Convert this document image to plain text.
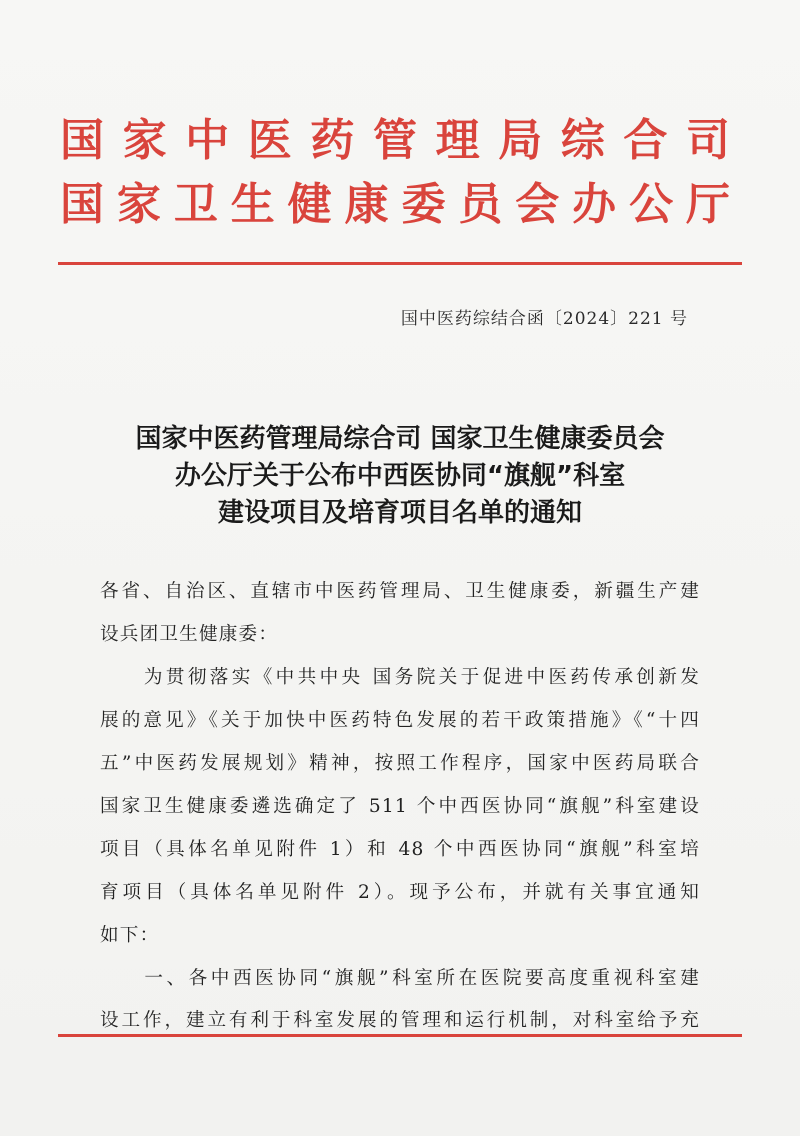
国家中医药管理局综合司
国家卫生健康委员会办公厅
国中医药综结合函〔2024〕221 号
国家中医药管理局综合司 国家卫生健康委员会
办公厅关于公布中西医协同“旗舰”科室
建设项目及培育项目名单的通知
各省、自治区、直辖市中医药管理局、卫生健康委，新疆生产建
设兵团卫生健康委：
　　为贯彻落实《中共中央 国务院关于促进中医药传承创新发
展的意见》《关于加快中医药特色发展的若干政策措施》《“十四
五”中医药发展规划》精神，按照工作程序，国家中医药局联合
国家卫生健康委遴选确定了 511 个中西医协同“旗舰”科室建设
项目（具体名单见附件 1）和 48 个中西医协同“旗舰”科室培
育项目（具体名单见附件 2）。现予公布，并就有关事宜通知
如下：
　　一、各中西医协同“旗舰”科室所在医院要高度重视科室建
设工作，建立有利于科室发展的管理和运行机制，对科室给予充
